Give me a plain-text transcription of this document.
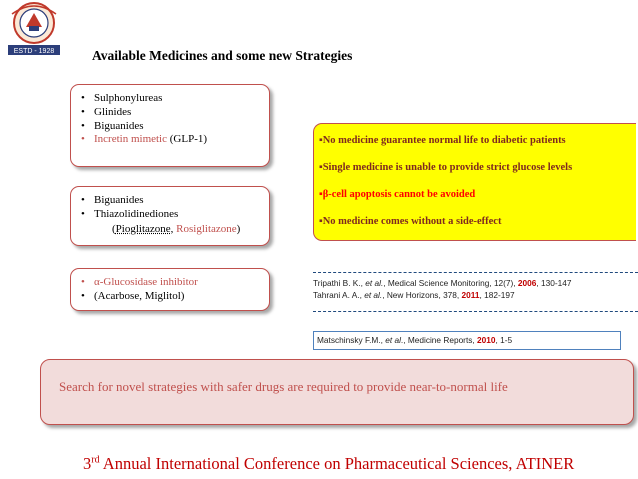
ESTD - 1928	Available Medicines and some new Strategies
• Sulphonylureas
• Glinides
• Biguanides
• Incretin mimetic (GLP-1)
• Biguanides
• Thiazolidinediones
(Pioglitazone, Rosiglitazone)
• α-Glucosidase inhibitor
• (Acarbose, Miglitol)

▪No medicine guarantee normal life to diabetic patients

▪Single medicine is unable to provide strict glucose levels

▪β-cell apoptosis cannot be avoided

▪No medicine comes without a side-effect

Tripathi B. K., et al., Medical Science Monitoring, 12(7), 2006, 130-147
Tahrani A. A., et al., New Horizons, 378, 2011, 182-197
Matschinsky F.M., et al., Medicine Reports, 2010, 1-5
Search for novel strategies with safer drugs are required to provide near-to-normal life
3rd Annual International Conference on Pharmaceutical Sciences, ATINER
